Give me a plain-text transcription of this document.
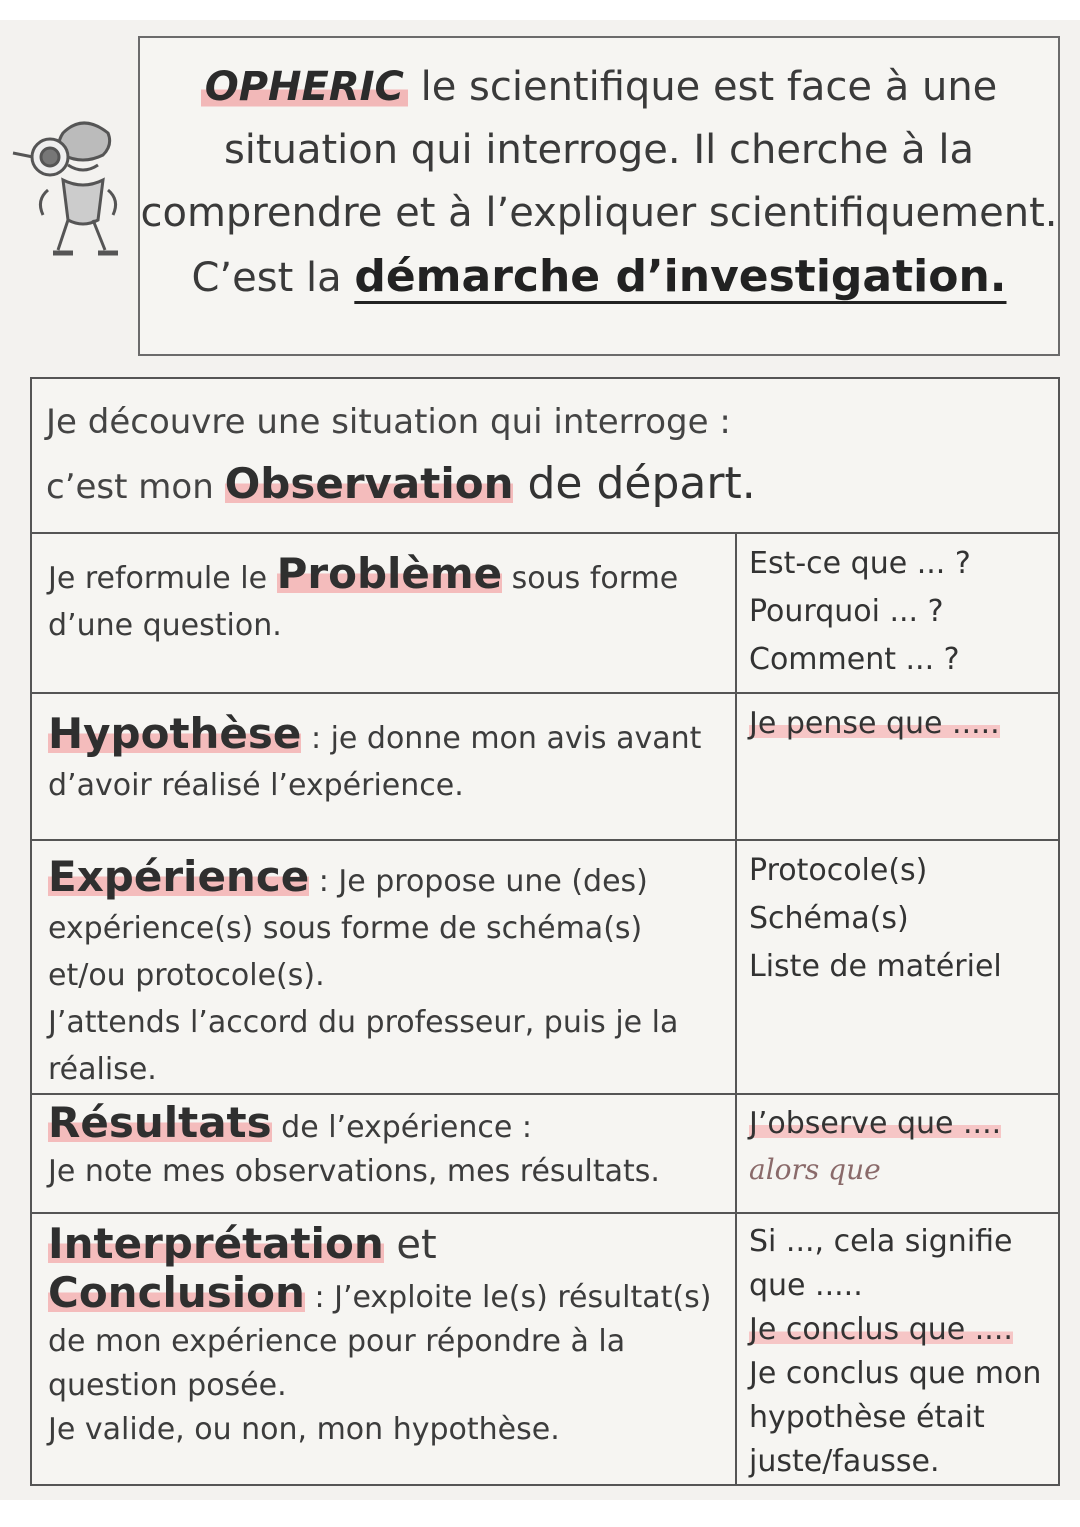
OPHERIC le scientifique est face à une
situation qui interroge. Il cherche à la
comprendre et à l’expliquer scientifiquement.
C’est la démarche d’investigation.
Je découvre une situation qui interroge :
c’est mon Observation de départ.
Je reformule le Problème sous forme d’une question.
Est-ce que ... ?
Pourquoi ... ?
Comment ... ?
Hypothèse : je donne mon avis avant d’avoir réalisé l’expérience.
Je pense que .....
Expérience : Je propose une (des) expérience(s) sous forme de schéma(s) et/ou protocole(s).
J’attends l’accord du professeur, puis je la réalise.
Protocole(s)
Schéma(s)
Liste de matériel
Résultats de l’expérience :
Je note mes observations, mes résultats.
J’observe que ....
alors que
Interprétation et
Conclusion : J’exploite le(s) résultat(s) de mon expérience pour répondre à la question posée.
Je valide, ou non, mon hypothèse.
Si ..., cela signifie que .....
Je conclus que ....
Je conclus que mon hypothèse était juste/fausse.
